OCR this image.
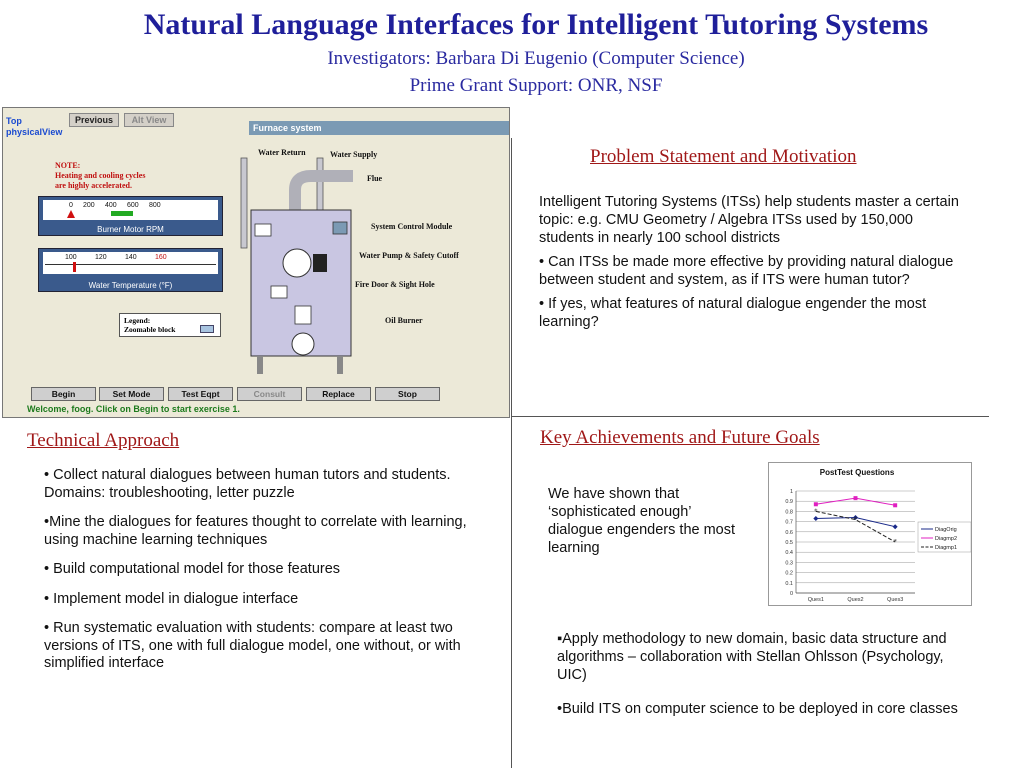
Natural Language Interfaces for Intelligent Tutoring Systems
Investigators: Barbara Di Eugenio (Computer Science)
Prime Grant Support: ONR, NSF
Top
physicalView
Previous	Alt View
Furnace system
NOTE:
Heating and cooling cycles
are highly accelerated.
0 200 400 600 800
Burner Motor RPM
100	120	140	160
Water Temperature (°F)
Legend:
Zoomable block
Water Return	Water Supply
Flue
System Control Module
Water Pump & Safety Cutoff
Fire Door & Sight Hole
Oil Burner
Begin	Set Mode	Test Eqpt	Consult	Replace	Stop
Welcome, foog. Click on Begin to start exercise 1.
Problem Statement and Motivation

Intelligent Tutoring Systems (ITSs) help students master a certain topic: e.g. CMU Geometry / Algebra ITSs used by 150,000 students in nearly 100 school districts

• Can ITSs be made more effective by providing natural dialogue between student and system, as if ITS were human tutor?

• If yes, what features of natural dialogue engender the most learning?

Technical Approach

• Collect natural dialogues between human tutors and students. Domains: troubleshooting, letter puzzle

•Mine the dialogues for features thought to correlate with learning, using machine learning techniques

• Build computational model for those features

• Implement model in dialogue interface

• Run systematic evaluation with students: compare at least two versions of ITS, one with full dialogue model, one without, or with simplified interface

Key Achievements and Future Goals
We have shown that ‘sophisticated enough’ dialogue engenders the most learning
PostTest Questions
0
0.1
0.2
0.3
0.4
0.5
0.6
0.7
0.8
0.9
1
Ques1	Ques2	Ques3
DiagOrig
Diagmp2
*
*
*
Diagmp1

▪Apply methodology to new domain, basic data structure and algorithms – collaboration with Stellan Ohlsson (Psychology, UIC)

•Build ITS on computer science to be deployed in core classes
